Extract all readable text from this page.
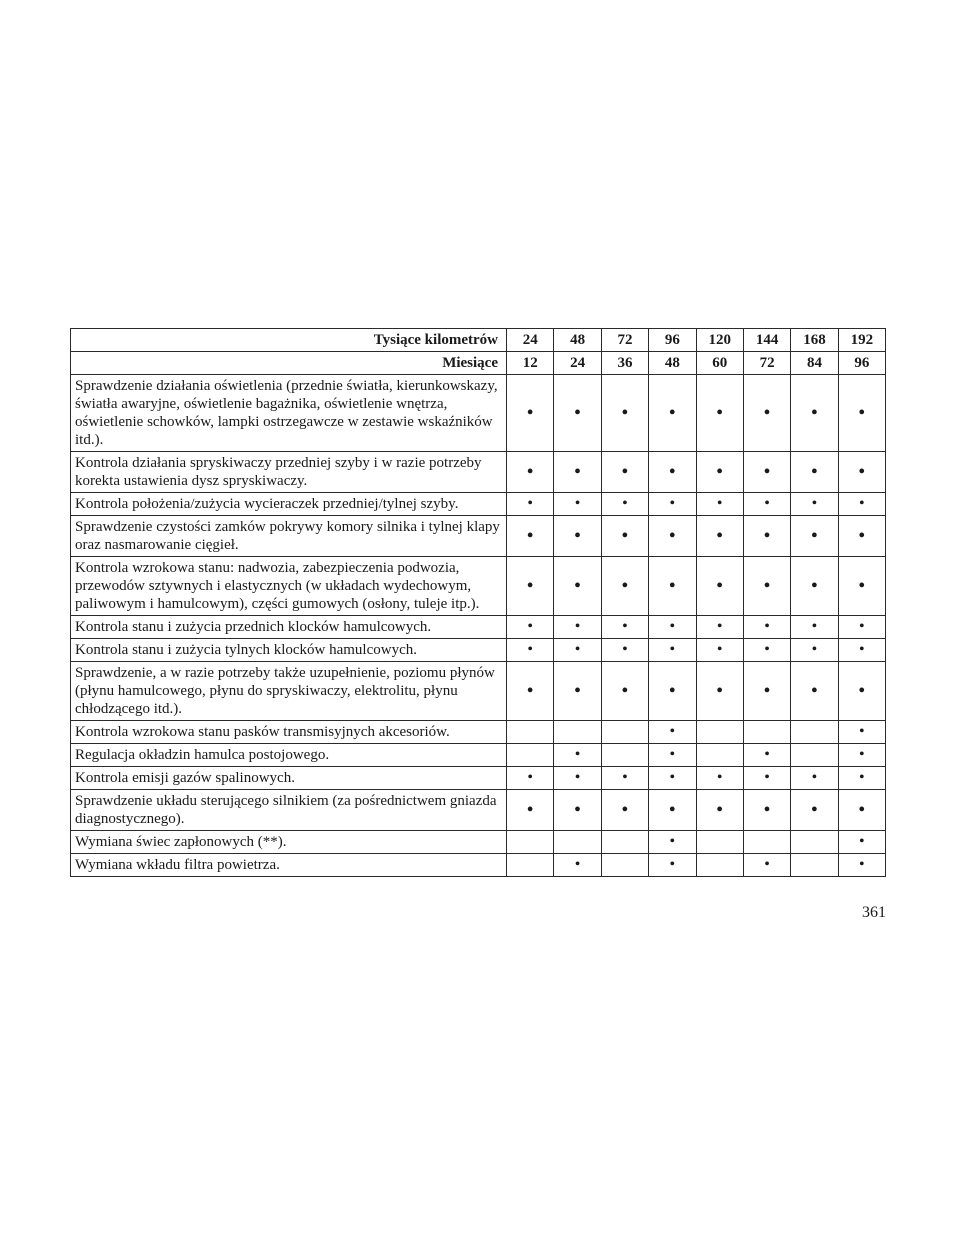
Tysiące kilometrów	24	48	72	96	120	144	168	192
Miesiące	12	24	36	48	60	72	84	96
Sprawdzenie działania oświetlenia (przednie światła, kierunkowskazy, światła awaryjne, oświetlenie bagażnika, oświetlenie wnętrza, oświetlenie schowków, lampki ostrzegawcze w zestawie wskaźników itd.).	•	•	•	•	•	•	•	•
Kontrola działania spryskiwaczy przedniej szyby i w razie potrzeby korekta ustawienia dysz spryskiwaczy.	•	•	•	•	•	•	•	•
Kontrola położenia/zużycia wycieraczek przedniej/tylnej szyby.	•	•	•	•	•	•	•	•
Sprawdzenie czystości zamków pokrywy komory silnika i tylnej klapy oraz nasmarowanie cięgieł.	•	•	•	•	•	•	•	•
Kontrola wzrokowa stanu: nadwozia, zabezpieczenia podwozia, przewodów sztywnych i elastycznych (w układach wydechowym, paliwowym i hamulcowym), części gumowych (osłony, tuleje itp.).	•	•	•	•	•	•	•	•
Kontrola stanu i zużycia przednich klocków hamulcowych.	•	•	•	•	•	•	•	•
Kontrola stanu i zużycia tylnych klocków hamulcowych.	•	•	•	•	•	•	•	•
Sprawdzenie, a w razie potrzeby także uzupełnienie, poziomu płynów (płynu hamulcowego, płynu do spryskiwaczy, elektrolitu, płynu chłodzącego itd.).	•	•	•	•	•	•	•	•
Kontrola wzrokowa stanu pasków transmisyjnych akcesoriów.				•				•
Regulacja okładzin hamulca postojowego.		•		•		•		•
Kontrola emisji gazów spalinowych.	•	•	•	•	•	•	•	•
Sprawdzenie układu sterującego silnikiem (za pośrednictwem gniazda diagnostycznego).	•	•	•	•	•	•	•	•
Wymiana świec zapłonowych (**).				•				•
Wymiana wkładu filtra powietrza.		•		•		•		•
361
